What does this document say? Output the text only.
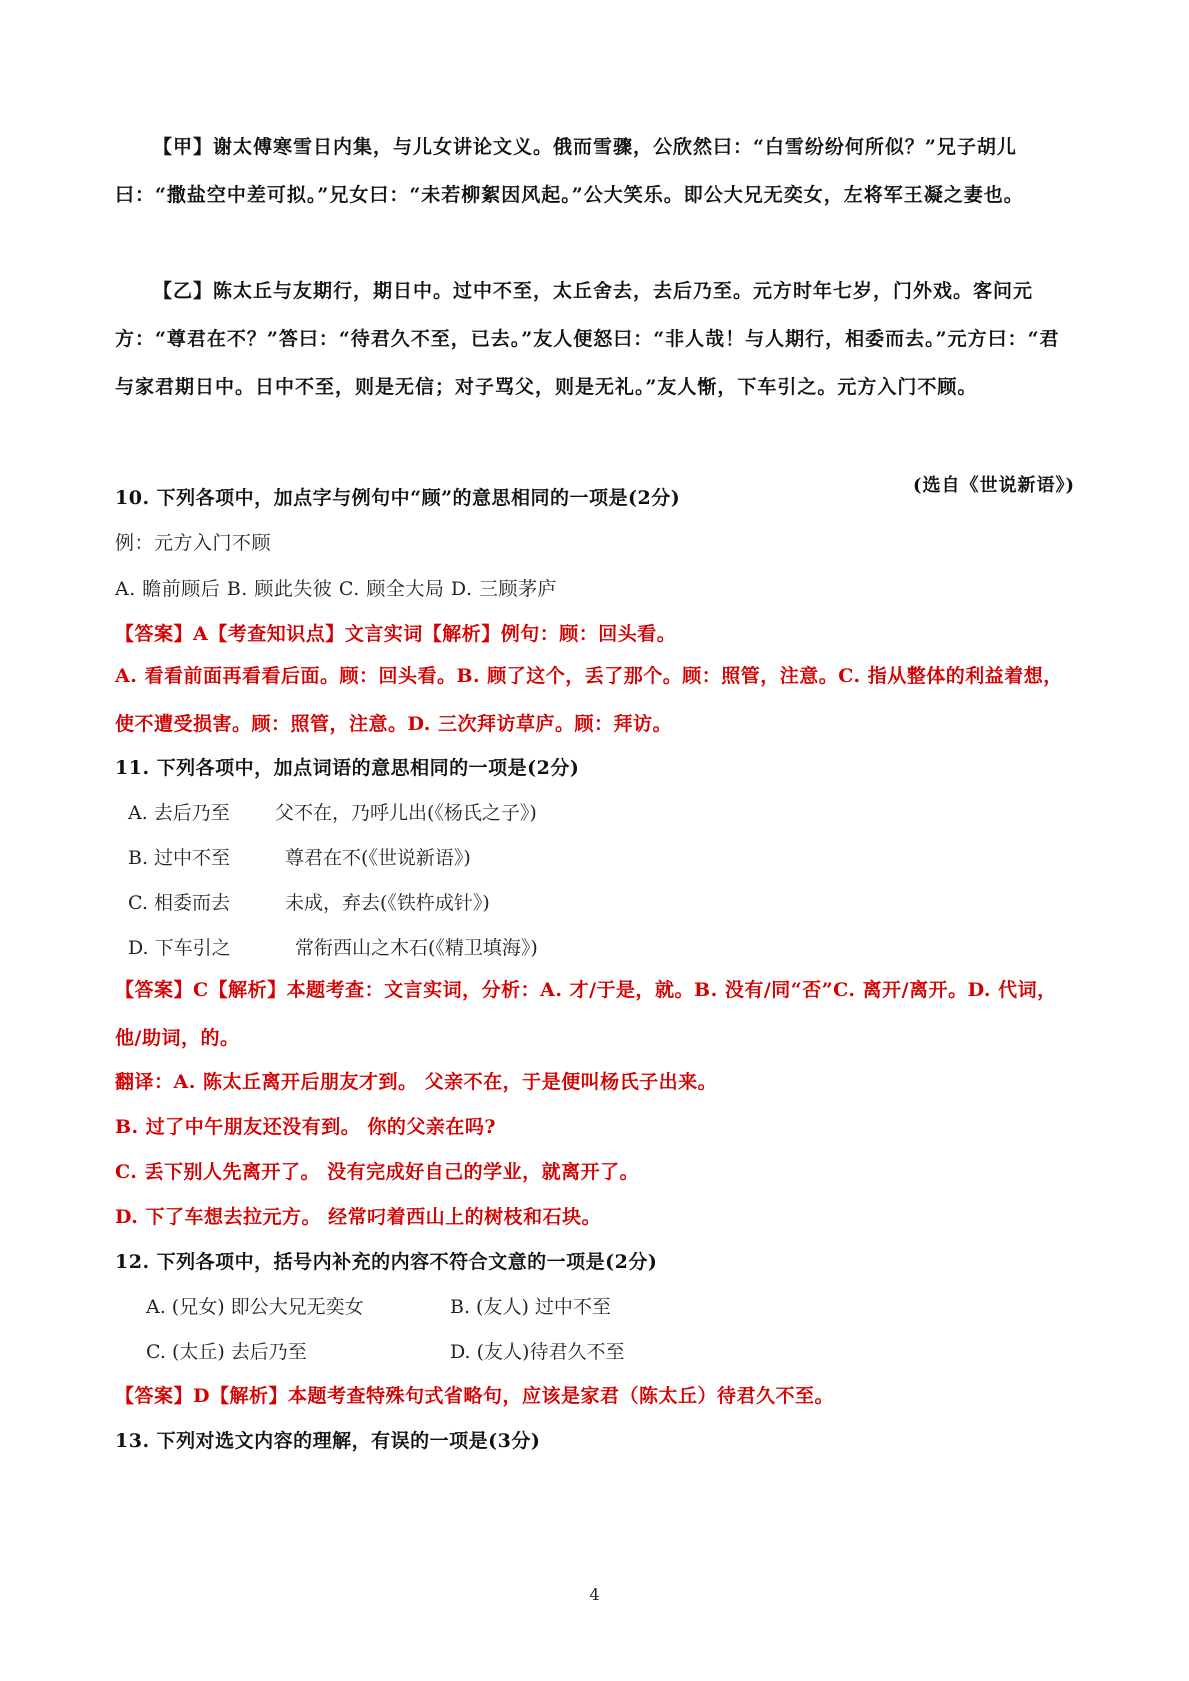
【甲】谢太傅寒雪日内集，与儿女讲论文义。俄而雪骤，公欣然曰：“白雪纷纷何所似？”兄子胡儿曰：“撒盐空中差可拟。”兄女曰：“未若柳絮因风起。”公大笑乐。即公大兄无奕女，左将军王凝之妻也。
【乙】陈太丘与友期行，期日中。过中不至，太丘舍去，去后乃至。元方时年七岁，门外戏。客问元方：“尊君在不？”答曰：“待君久不至，已去。”友人便怒曰：“非人哉！与人期行，相委而去。”元方曰：“君与家君期日中。日中不至，则是无信；对子骂父，则是无礼。”友人惭，下车引之。元方入门不顾。
(选自《世说新语》)
10. 下列各项中，加点字与例句中“顾”的意思相同的一项是(2分)
例：元方入门不顾
A. 瞻前顾后 B. 顾此失彼 C. 顾全大局 D. 三顾茅庐
【答案】A【考查知识点】文言实词【解析】例句：顾：回头看。
A. 看看前面再看看后面。顾：回头看。B. 顾了这个，丢了那个。顾：照管，注意。C. 指从整体的利益着想，使不遭受损害。顾：照管，注意。D. 三次拜访草庐。顾：拜访。
11. 下列各项中，加点词语的意思相同的一项是(2分)
A. 去后乃至 父不在，乃呼儿出(《杨氏之子》)
B. 过中不至	尊君在不(《世说新语》)
C. 相委而去	未成，弃去(《铁杵成针》)
D. 下车引之	常衔西山之木石(《精卫填海》)
【答案】C【解析】本题考查：文言实词，分析：A. 才/于是，就。B. 没有/同“否”C. 离开/离开。D. 代词，他/助词，的。
翻译：A. 陈太丘离开后朋友才到。 父亲不在，于是便叫杨氏子出来。
B. 过了中午朋友还没有到。 你的父亲在吗?
C. 丢下别人先离开了。 没有完成好自己的学业，就离开了。
D. 下了车想去拉元方。 经常叼着西山上的树枝和石块。
12. 下列各项中，括号内补充的内容不符合文意的一项是(2分)
A. (兄女) 即公大兄无奕女	B. (友人) 过中不至
C. (太丘) 去后乃至	D. (友人)待君久不至
【答案】D【解析】本题考查特殊句式省略句，应该是家君（陈太丘）待君久不至。
13. 下列对选文内容的理解，有误的一项是(3分)
4
